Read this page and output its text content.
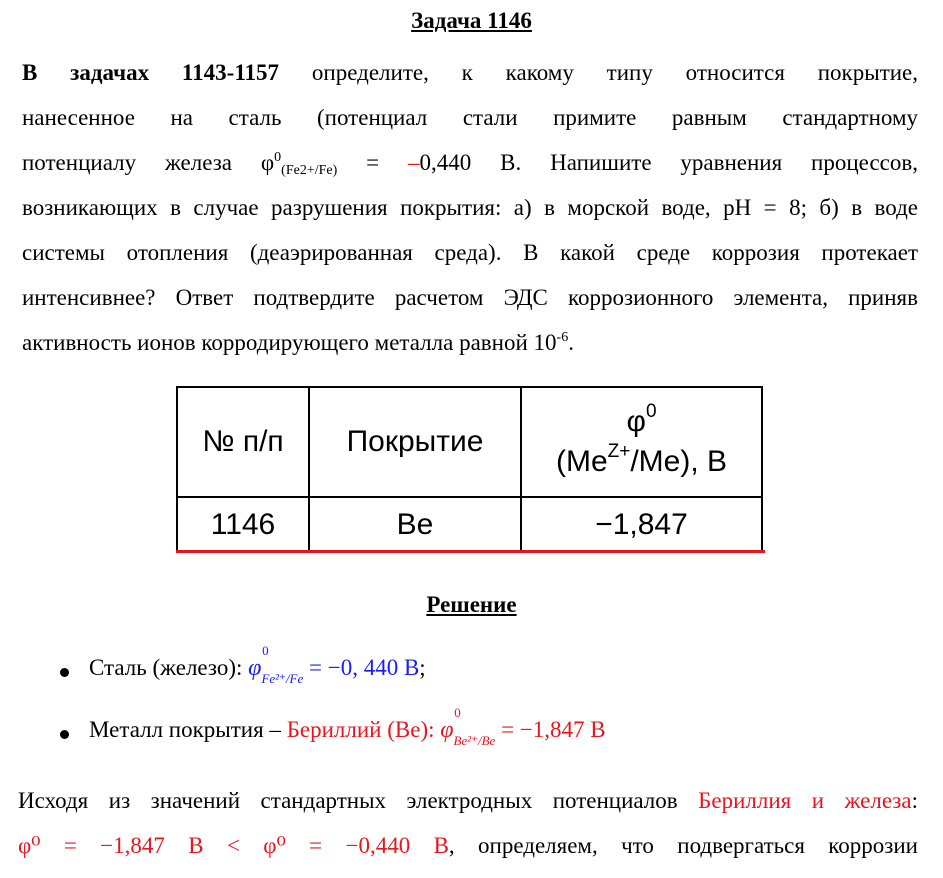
Задача 1146
В задачах 1143-1157 определите, к какому типу относится покрытие,
нанесенное на сталь (потенциал стали примите равным стандартному
потенциалу железа $\varphi^0_{(Fe2+/Fe)} = -0,440$ В. Напишите уравнения процессов,
возникающих в случае разрушения покрытия: а) в морской воде, pH = 8; б) в воде
системы отопления (деаэрированная среда). В какой среде коррозия протекает
интенсивнее? Ответ подтвердите расчетом ЭДС коррозионного элемента, приняв
активность ионов корродирующего металла равной $10^{-6}$.
№ п/п	Покрытие	$\varphi^0$
$(Me^{Z+}/Me)$, В

1146	Be	−1,847
Решение
Сталь (железо): φ
0
$_{Fe^{2+}/Fe}$ = −0, 440 В;
Металл покрытия – Бериллий (Be): φ
0
$_{Be^{2+}/Be}$ = −1,847 В
Исходя из значений стандартных электродных потенциалов Бериллия и железа:
φ⁰ = −1,847 В < φ⁰ = −0,440 В, определяем, что подвергаться коррозии
